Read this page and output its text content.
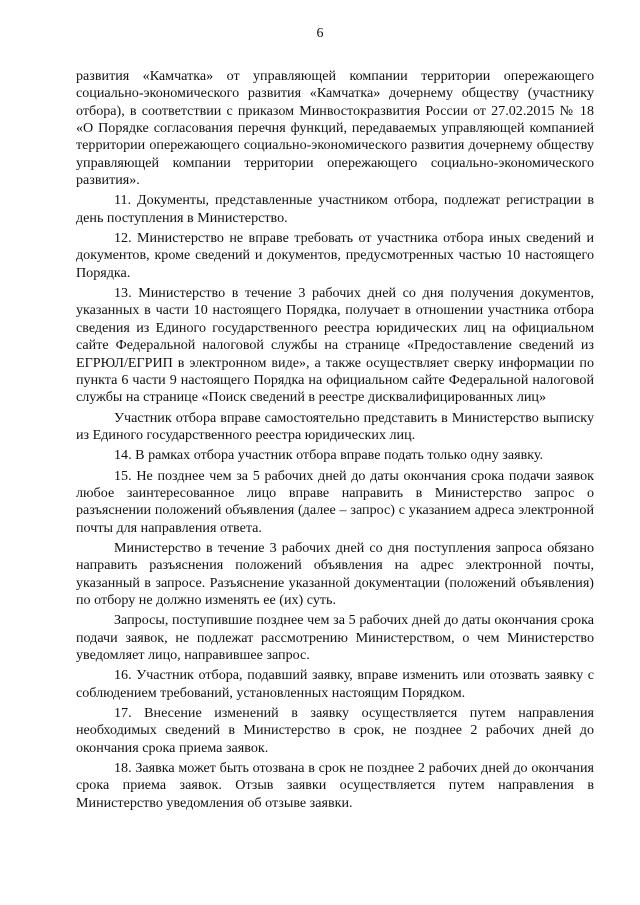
6

развития «Камчатка» от управляющей компании территории опережающего социально-экономического развития «Камчатка» дочернему обществу (участнику отбора), в соответствии с приказом Минвостокразвития России от 27.02.2015 № 18 «О Порядке согласования перечня функций, передаваемых управляющей компанией территории опережающего социально-экономического развития дочернему обществу управляющей компании территории опережающего социально-экономического развития».

11. Документы, представленные участником отбора, подлежат регистрации в день поступления в Министерство.

12. Министерство не вправе требовать от участника отбора иных сведений и документов, кроме сведений и документов, предусмотренных частью 10 настоящего Порядка.

13. Министерство в течение 3 рабочих дней со дня получения документов, указанных в части 10 настоящего Порядка, получает в отношении участника отбора сведения из Единого государственного реестра юридических лиц на официальном сайте Федеральной налоговой службы на странице «Предоставление сведений из ЕГРЮЛ/ЕГРИП в электронном виде», а также осуществляет сверку информации по пункта 6 части 9 настоящего Порядка на официальном сайте Федеральной налоговой службы на странице «Поиск сведений в реестре дисквалифицированных лиц»

Участник отбора вправе самостоятельно представить в Министерство выписку из Единого государственного реестра юридических лиц.

14. В рамках отбора участник отбора вправе подать только одну заявку.

15. Не позднее чем за 5 рабочих дней до даты окончания срока подачи заявок любое заинтересованное лицо вправе направить в Министерство запрос о разъяснении положений объявления (далее – запрос) с указанием адреса электронной почты для направления ответа.

Министерство в течение 3 рабочих дней со дня поступления запроса обязано направить разъяснения положений объявления на адрес электронной почты, указанный в запросе. Разъяснение указанной документации (положений объявления) по отбору не должно изменять ее (их) суть.

Запросы, поступившие позднее чем за 5 рабочих дней до даты окончания срока подачи заявок, не подлежат рассмотрению Министерством, о чем Министерство уведомляет лицо, направившее запрос.

16. Участник отбора, подавший заявку, вправе изменить или отозвать заявку с соблюдением требований, установленных настоящим Порядком.

17. Внесение изменений в заявку осуществляется путем направления необходимых сведений в Министерство в срок, не позднее 2 рабочих дней до окончания срока приема заявок.

18. Заявка может быть отозвана в срок не позднее 2 рабочих дней до окончания срока приема заявок. Отзыв заявки осуществляется путем направления в Министерство уведомления об отзыве заявки.
